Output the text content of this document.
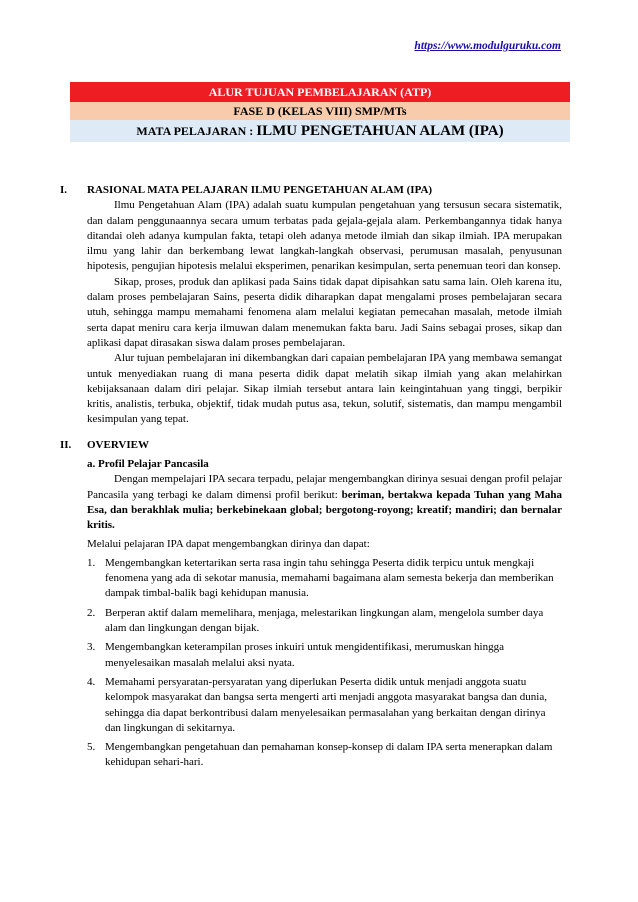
https://www.modulguruku.com
ALUR TUJUAN PEMBELAJARAN (ATP)
FASE D (KELAS VIII) SMP/MTs
MATA PELAJARAN : ILMU PENGETAHUAN ALAM (IPA)
I. RASIONAL MATA PELAJARAN ILMU PENGETAHUAN ALAM (IPA)
Ilmu Pengetahuan Alam (IPA) adalah suatu kumpulan pengetahuan yang tersusun secara sistematik, dan dalam penggunaannya secara umum terbatas pada gejala-gejala alam. Perkembangannya tidak hanya ditandai oleh adanya kumpulan fakta, tetapi oleh adanya metode ilmiah dan sikap ilmiah. IPA merupakan ilmu yang lahir dan berkembang lewat langkah-langkah observasi, perumusan masalah, penyusunan hipotesis, pengujian hipotesis melalui eksperimen, penarikan kesimpulan, serta penemuan teori dan konsep.
Sikap, proses, produk dan aplikasi pada Sains tidak dapat dipisahkan satu sama lain. Oleh karena itu, dalam proses pembelajaran Sains, peserta didik diharapkan dapat mengalami proses pembelajaran secara utuh, sehingga mampu memahami fenomena alam melalui kegiatan pemecahan masalah, metode ilmiah serta dapat meniru cara kerja ilmuwan dalam menemukan fakta baru. Jadi Sains sebagai proses, sikap dan aplikasi dapat dirasakan siswa dalam proses pembelajaran.
Alur tujuan pembelajaran ini dikembangkan dari capaian pembelajaran IPA yang membawa semangat untuk menyediakan ruang di mana peserta didik dapat melatih sikap ilmiah yang akan melahirkan kebijaksanaan dalam diri pelajar. Sikap ilmiah tersebut antara lain keingintahuan yang tinggi, berpikir kritis, analistis, terbuka, objektif, tidak mudah putus asa, tekun, solutif, sistematis, dan mampu mengambil kesimpulan yang tepat.
II. OVERVIEW
a. Profil Pelajar Pancasila
Dengan mempelajari IPA secara terpadu, pelajar mengembangkan dirinya sesuai dengan profil pelajar Pancasila yang terbagi ke dalam dimensi profil berikut: beriman, bertakwa kepada Tuhan yang Maha Esa, dan berakhlak mulia; berkebinekaan global; bergotong-royong; kreatif; mandiri; dan bernalar kritis.
Melalui pelajaran IPA dapat mengembangkan dirinya dan dapat:
1. Mengembangkan ketertarikan serta rasa ingin tahu sehingga Peserta didik terpicu untuk mengkaji fenomena yang ada di sekotar manusia, memahami bagaimana alam semesta bekerja dan memberikan dampak timbal-balik bagi kehidupan manusia.
2. Berperan aktif dalam memelihara, menjaga, melestarikan lingkungan alam, mengelola sumber daya alam dan lingkungan dengan bijak.
3. Mengembangkan keterampilan proses inkuiri untuk mengidentifikasi, merumuskan hingga menyelesaikan masalah melalui aksi nyata.
4. Memahami persyaratan-persyaratan yang diperlukan Peserta didik untuk menjadi anggota suatu kelompok masyarakat dan bangsa serta mengerti arti menjadi anggota masyarakat bangsa dan dunia, sehingga dia dapat berkontribusi dalam menyelesaikan permasalahan yang berkaitan dengan dirinya dan lingkungan di sekitarnya.
5. Mengembangkan pengetahuan dan pemahaman konsep-konsep di dalam IPA serta menerapkan dalam kehidupan sehari-hari.
